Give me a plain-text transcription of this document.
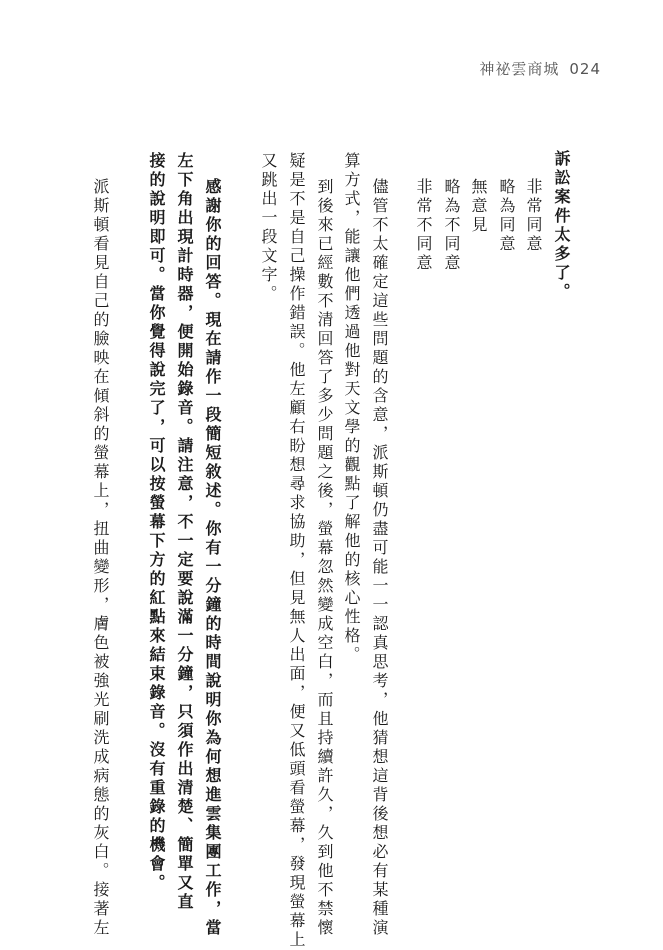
神祕雲商城 024
訴訟案件太多了。
非常同意
略為同意
無意見
略為不同意
非常不同意
儘管不太確定這些問題的含意，派斯頓仍盡可能一一認真思考，他猜想這背後想必有某種演
算方式，能讓他們透過他對天文學的觀點了解他的核心性格。
到後來已經數不清回答了多少問題之後，螢幕忽然變成空白，而且持續許久，久到他不禁懷
疑是不是自己操作錯誤。他左顧右盼想尋求協助，但見無人出面，便又低頭看螢幕，發現螢幕上
又跳出一段文字。
感謝你的回答。現在請作一段簡短敘述。你有一分鐘的時間說明你為何想進雲集團工作，當
左下角出現計時器，便開始錄音。請注意，不一定要說滿一分鐘，只須作出清楚、簡單又直
接的說明即可。當你覺得說完了，可以按螢幕下方的紅點來結束錄音。沒有重錄的機會。
派斯頓看見自己的臉映在傾斜的螢幕上，扭曲變形，膚色被強光刷洗成病態的灰白。接著左
